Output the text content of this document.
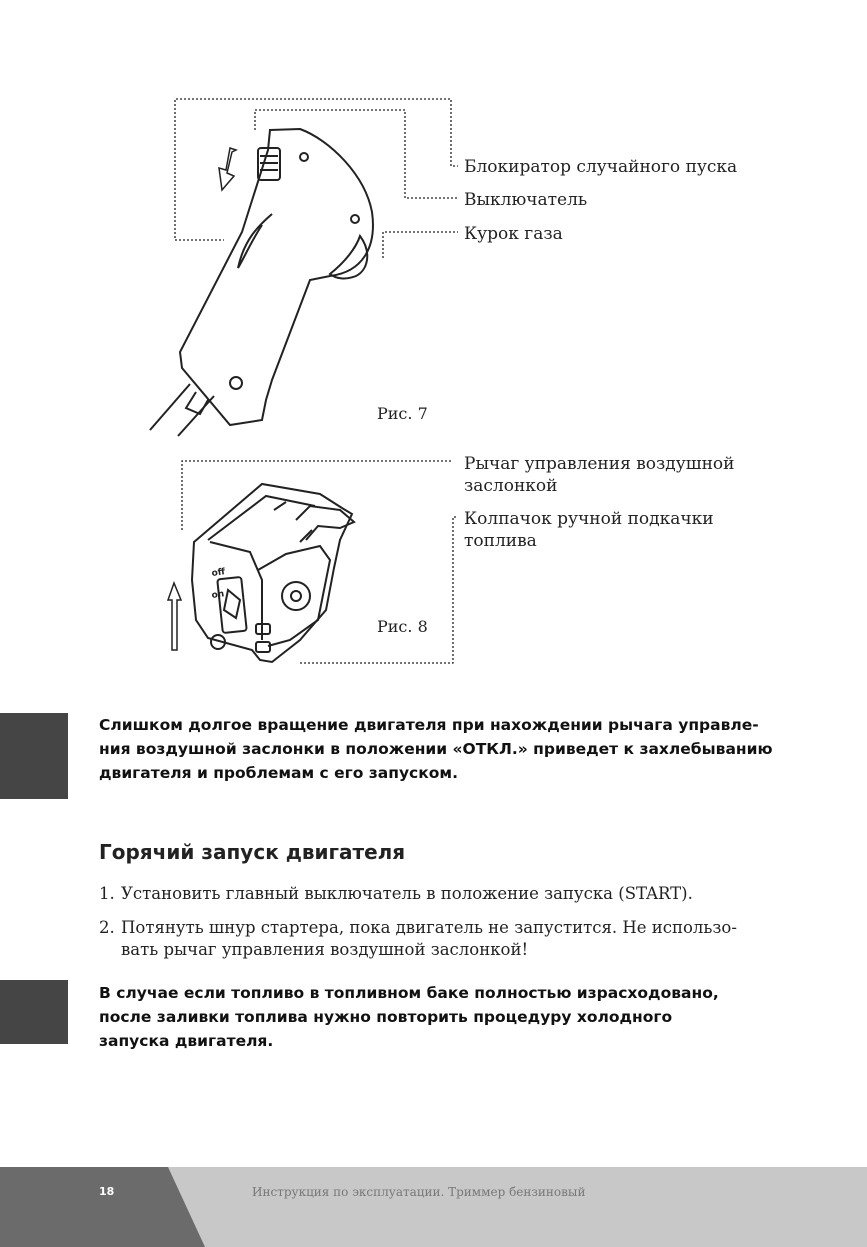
Блокиратор случайного пуска
Выключатель
Курок газа
Рис. 7
off
on
Рычаг управления воздушной
заслонкой
Колпачок ручной подкачки
топлива
Рис. 8
Слишком долгое вращение двигателя при нахождении рычага управле-
ния воздушной заслонки в положении «ОТКЛ.» приведет к захлебыванию
двигателя и проблемам с его запуском.
Горячий запуск двигателя
1. Установить главный выключатель в положение запуска (START).
2. Потянуть шнур стартера, пока двигатель не запустится. Не использо-
вать рычаг управления воздушной заслонкой!
В случае если топливо в топливном баке полностью израсходовано,
после заливки топлива нужно повторить процедуру холодного
запуска двигателя.
18	Инструкция по эксплуатации. Триммер бензиновый
